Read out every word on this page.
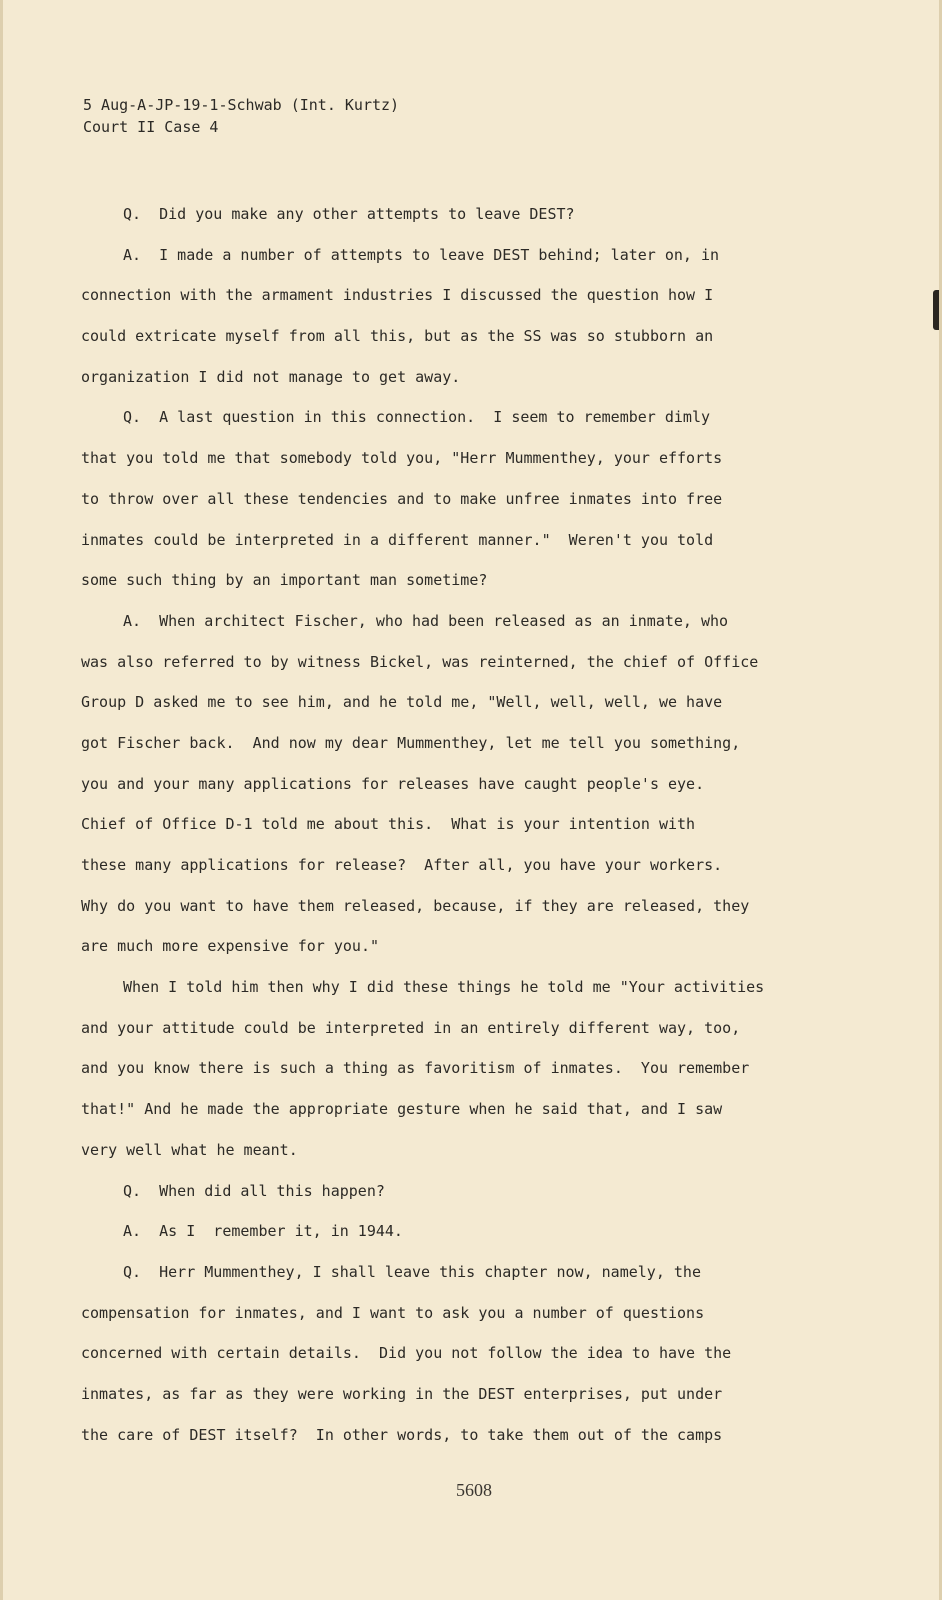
5 Aug-A-JP-19-1-Schwab (Int. Kurtz)
Court II Case 4
Q.  Did you make any other attempts to leave DEST?
A.  I made a number of attempts to leave DEST behind; later on, in
connection with the armament industries I discussed the question how I
could extricate myself from all this, but as the SS was so stubborn an
organization I did not manage to get away.
Q.  A last question in this connection.  I seem to remember dimly
that you told me that somebody told you, "Herr Mummenthey, your efforts
to throw over all these tendencies and to make unfree inmates into free
inmates could be interpreted in a different manner."  Weren't you told
some such thing by an important man sometime?
A.  When architect Fischer, who had been released as an inmate, who
was also referred to by witness Bickel, was reinterned, the chief of Office
Group D asked me to see him, and he told me, "Well, well, well, we have
got Fischer back.  And now my dear Mummenthey, let me tell you something,
you and your many applications for releases have caught people's eye.
Chief of Office D-1 told me about this.  What is your intention with
these many applications for release?  After all, you have your workers.
Why do you want to have them released, because, if they are released, they
are much more expensive for you."
When I told him then why I did these things he told me "Your activities
and your attitude could be interpreted in an entirely different way, too,
and you know there is such a thing as favoritism of inmates.  You remember
that!" And he made the appropriate gesture when he said that, and I saw
very well what he meant.
Q.  When did all this happen?
A.  As I  remember it, in 1944.
Q.  Herr Mummenthey, I shall leave this chapter now, namely, the
compensation for inmates, and I want to ask you a number of questions
concerned with certain details.  Did you not follow the idea to have the
inmates, as far as they were working in the DEST enterprises, put under
the care of DEST itself?  In other words, to take them out of the camps
5608
